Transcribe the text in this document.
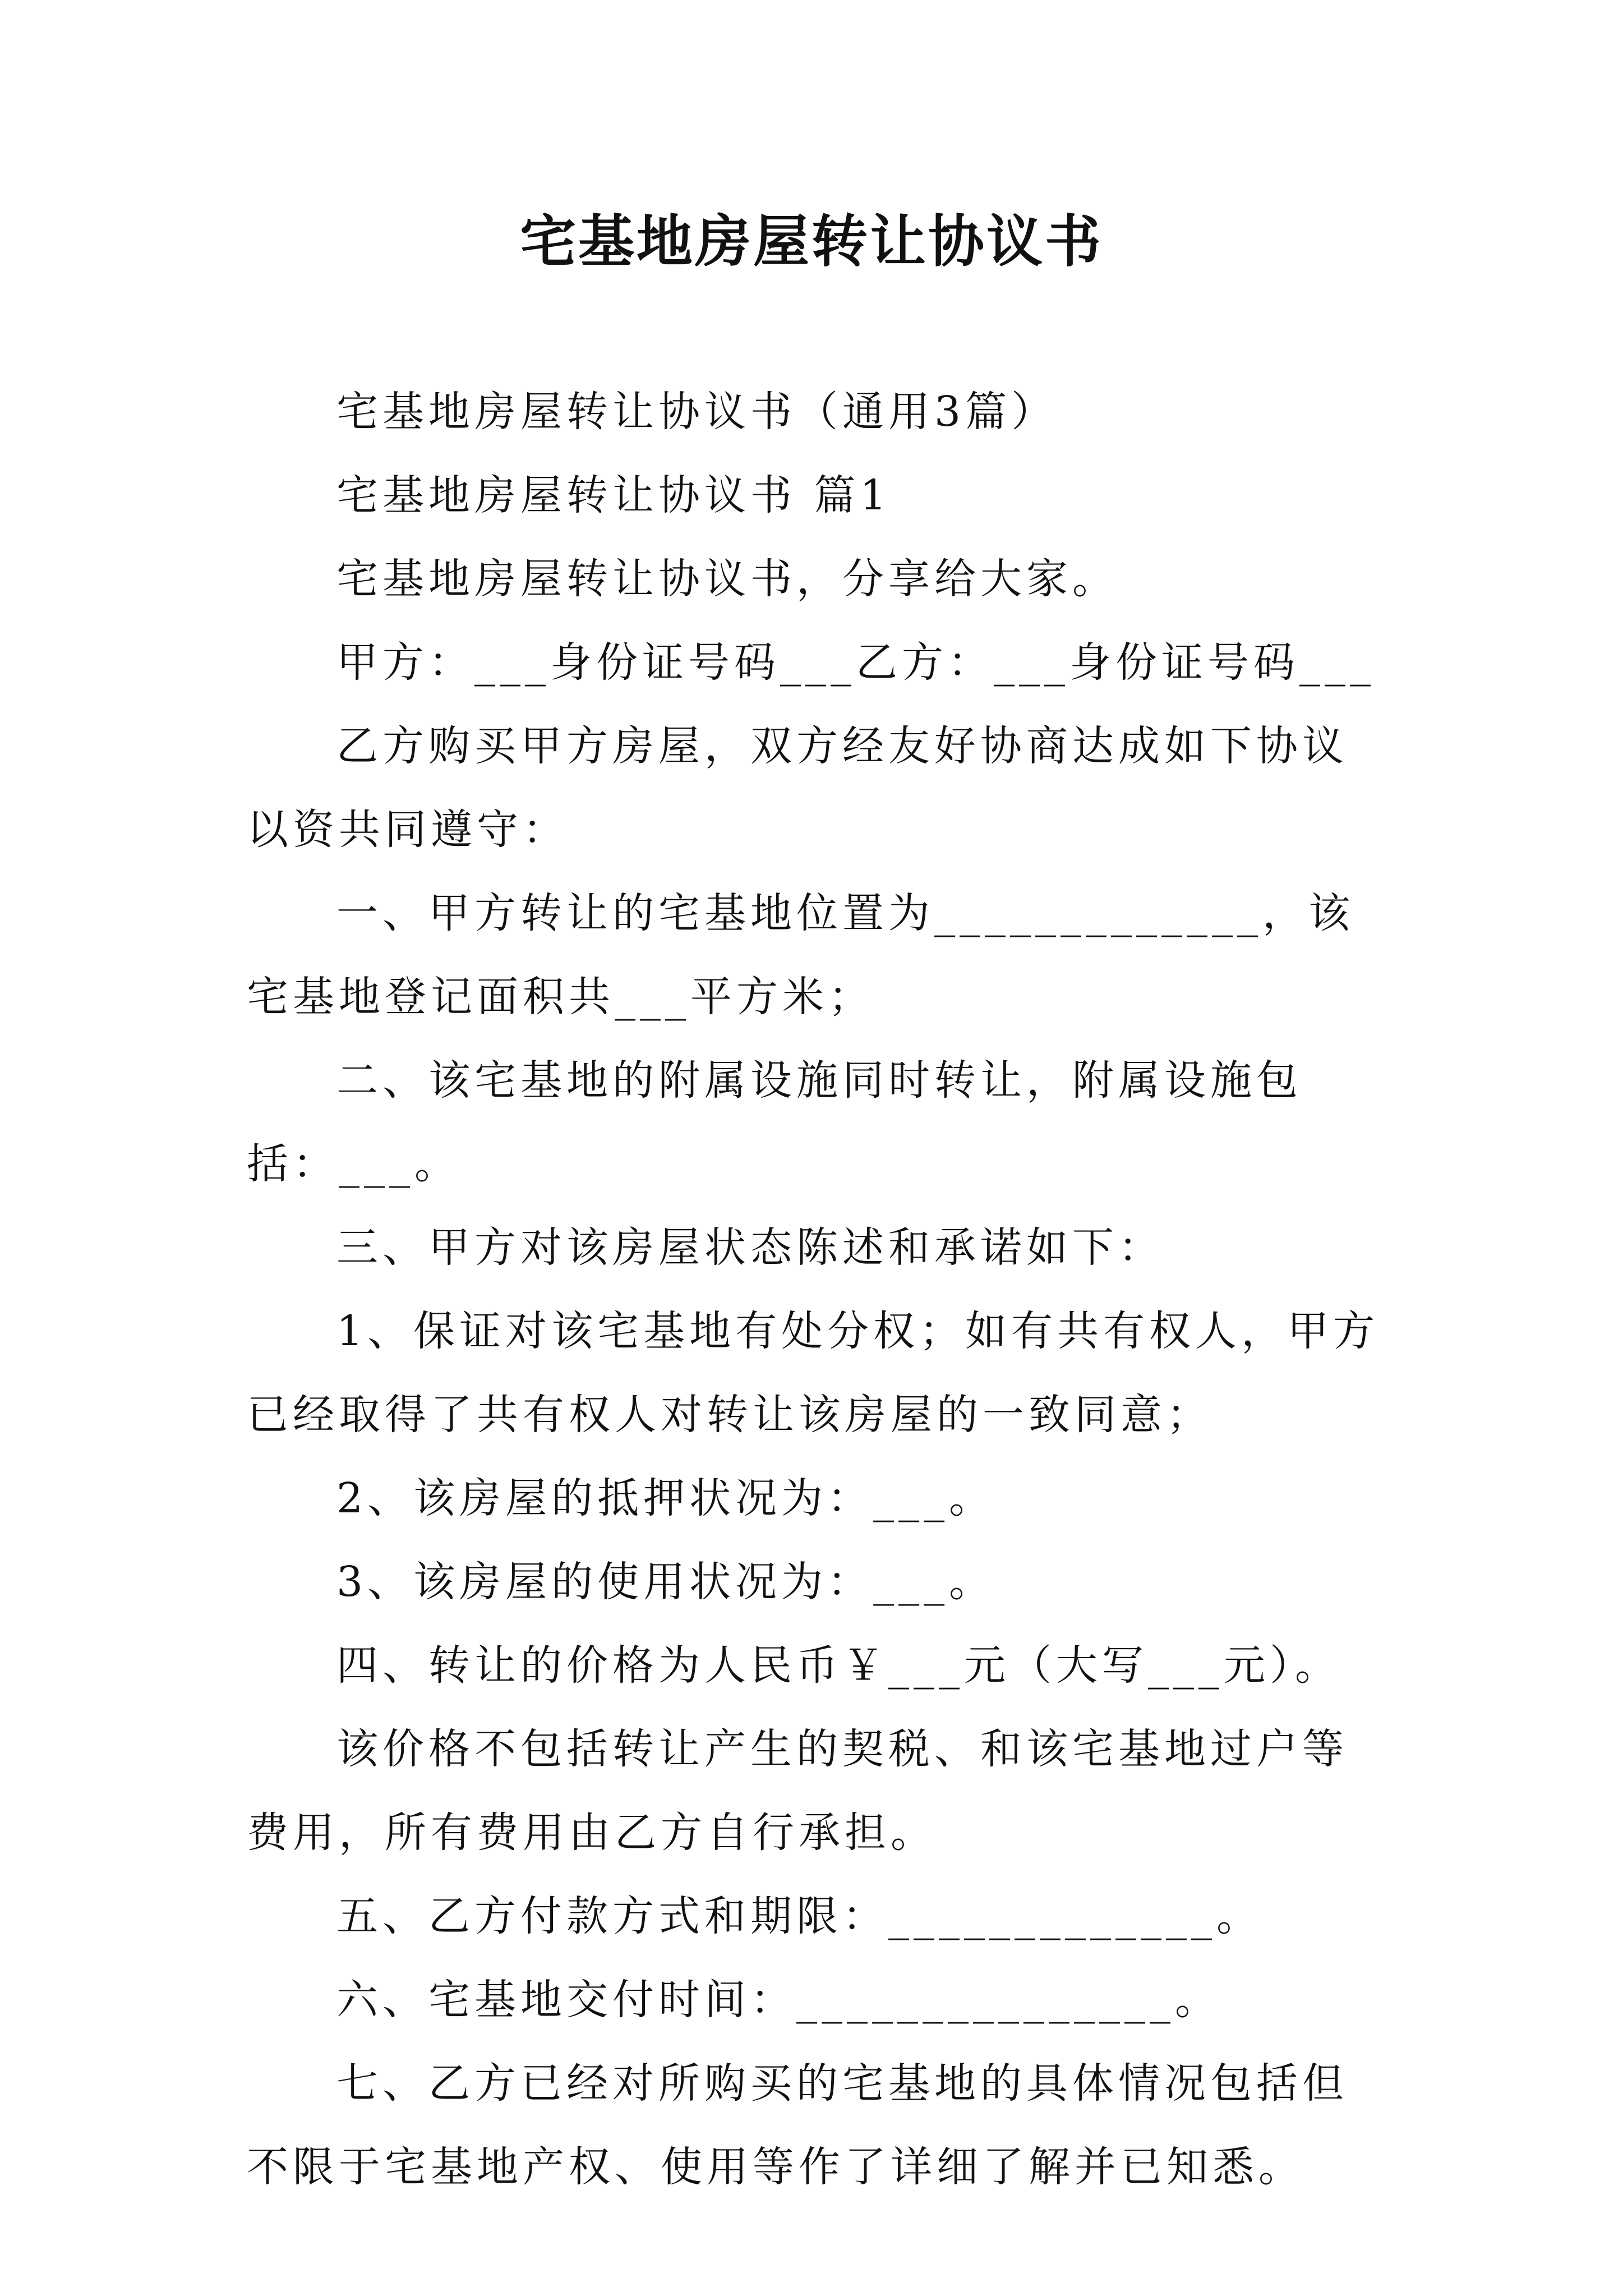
宅基地房屋转让协议书

宅基地房屋转让协议书（通用3篇）

宅基地房屋转让协议书 篇1

宅基地房屋转让协议书，分享给大家。

甲方：___身份证号码___乙方：___身份证号码___

乙方购买甲方房屋，双方经友好协商达成如下协议以资共同遵守：

一、甲方转让的宅基地位置为_____________，该宅基地登记面积共___平方米；

二、该宅基地的附属设施同时转让，附属设施包括：___。

三、甲方对该房屋状态陈述和承诺如下：

1、保证对该宅基地有处分权；如有共有权人，甲方已经取得了共有权人对转让该房屋的一致同意；

2、该房屋的抵押状况为：___。

3、该房屋的使用状况为：___。

四、转让的价格为人民币￥___元（大写___元）。

该价格不包括转让产生的契税、和该宅基地过户等费用，所有费用由乙方自行承担。

五、乙方付款方式和期限：_____________。

六、宅基地交付时间：_______________。

七、乙方已经对所购买的宅基地的具体情况包括但不限于宅基地产权、使用等作了详细了解并已知悉。
